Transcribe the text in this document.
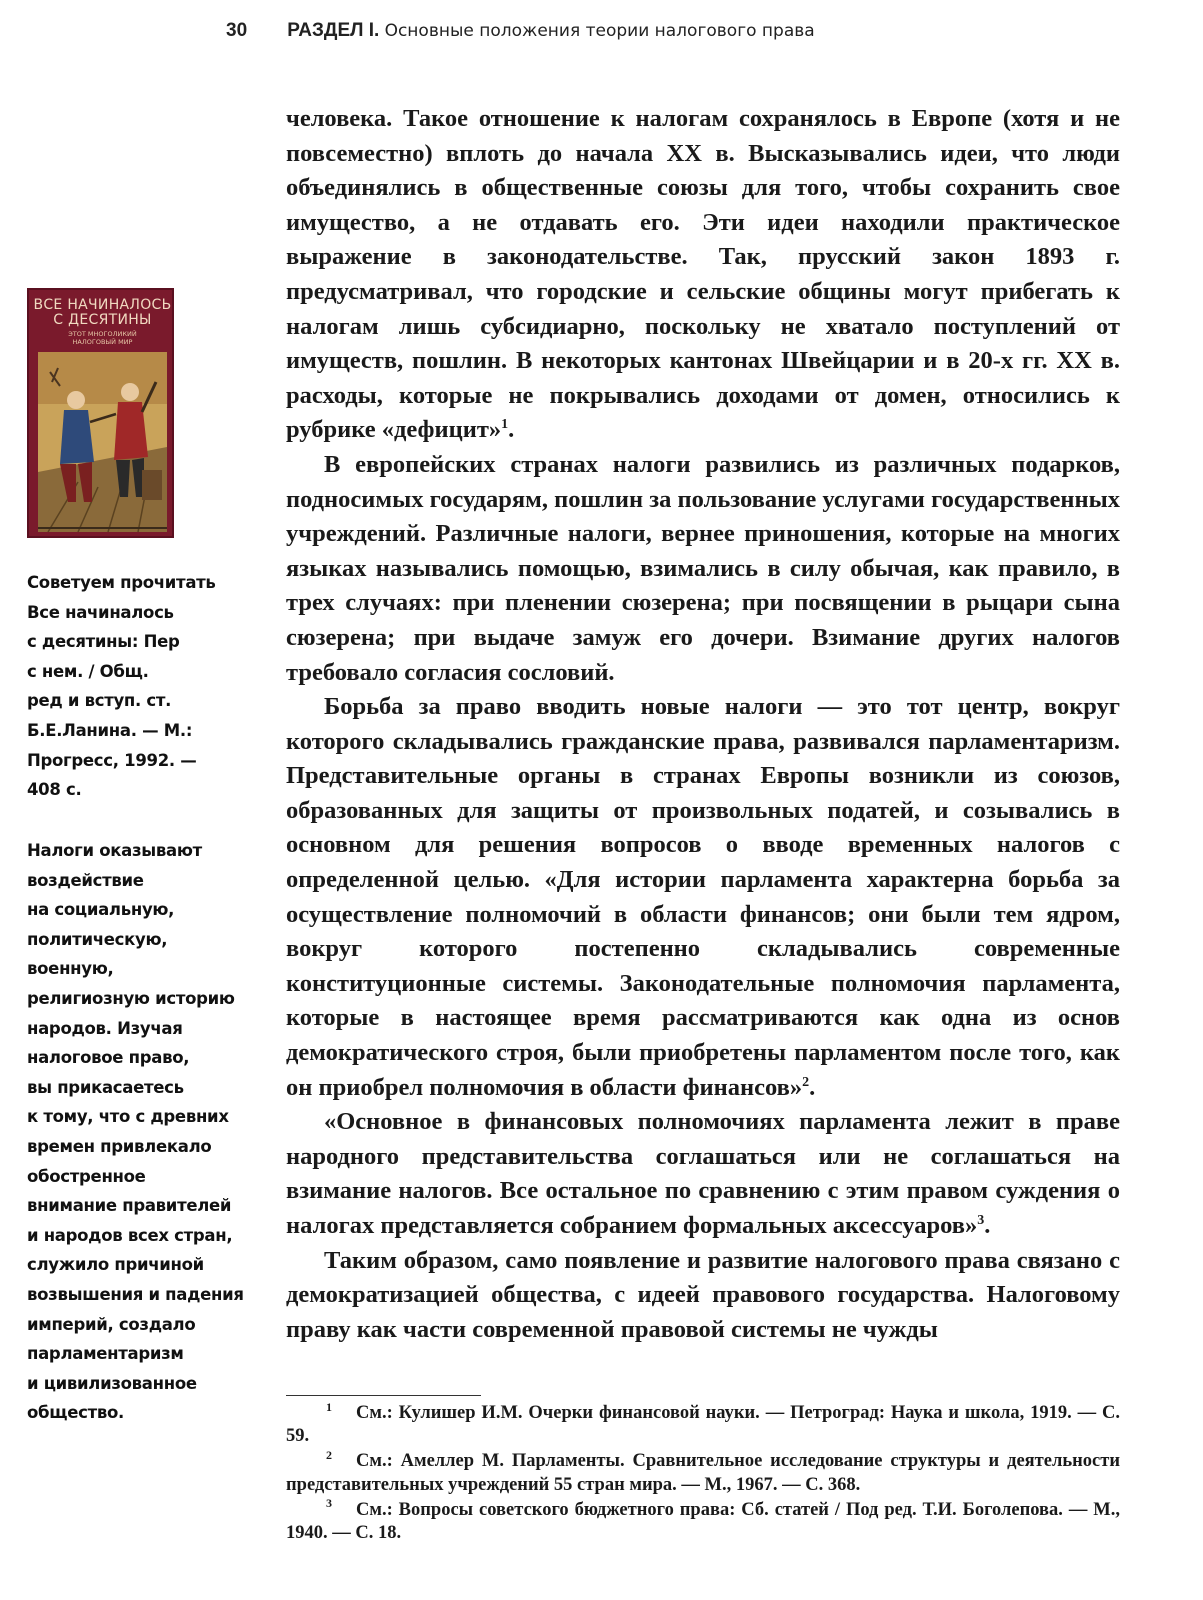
30 РАЗДЕЛ I. Основные положения теории налогового права
ВСЕ НАЧИНАЛОСЬ
С ДЕСЯТИНЫ
ЭТОТ МНОГОЛИКИЙ
НАЛОГОВЫЙ МИР
Советуем прочитать
Все начиналось
с десятины: Пер
с нем. / Общ.
ред и вступ. ст.
Б.Е.Ланина. — М.:
Прогресс, 1992. —
408 с.
Налоги оказывают
воздействие
на социальную,
политическую,
военную,
религиозную историю
народов. Изучая
налоговое право,
вы прикасаетесь
к тому, что с древних
времен привлекало
обостренное
внимание правителей
и народов всех стран,
служило причиной
возвышения и падения
империй, создало
парламентаризм
и цивилизованное
общество.

человека. Такое отношение к налогам сохранялось в Европе (хотя и не повсеместно) вплоть до начала XX в. Высказывались идеи, что люди объединялись в общественные союзы для того, чтобы сохранить свое имущество, а не отдавать его. Эти идеи находили практическое выражение в законодательстве. Так, прусский закон 1893 г. предусматривал, что городские и сельские общины могут прибегать к налогам лишь субсидиарно, поскольку не хватало поступлений от имуществ, пошлин. В некоторых кантонах Швейцарии и в 20-х гг. XX в. расходы, которые не покрывались доходами от домен, относились к рубрике «дефицит»$^1$.

В европейских странах налоги развились из различных подарков, подносимых государям, пошлин за пользование услугами государственных учреждений. Различные налоги, вернее приношения, которые на многих языках назывались помощью, взимались в силу обычая, как правило, в трех случаях: при пленении сюзерена; при посвящении в рыцари сына сюзерена; при выдаче замуж его дочери. Взимание других налогов требовало согласия сословий.

Борьба за право вводить новые налоги — это тот центр, вокруг которого складывались гражданские права, развивался парламентаризм. Представительные органы в странах Европы возникли из союзов, образованных для защиты от произвольных податей, и созывались в основном для решения вопросов о вводе временных налогов с определенной целью. «Для истории парламента характерна борьба за осуществление полномочий в области финансов; они были тем ядром, вокруг которого постепенно складывались современные конституционные системы. Законодательные полномочия парламента, которые в настоящее время рассматриваются как одна из основ демократического строя, были приобретены парламентом после того, как он приобрел полномочия в области финансов»$^2$.

«Основное в финансовых полномочиях парламента лежит в праве народного представительства соглашаться или не соглашаться на взимание налогов. Все остальное по сравнению с этим правом суждения о налогах представляется собранием формальных аксессуаров»$^3$.

Таким образом, само появление и развитие налогового права связано с демократизацией общества, с идеей правового государства. Налоговому праву как части современной правовой системы не чужды

1 См.: Кулишер И.М. Очерки финансовой науки. — Петроград: Наука и школа, 1919. — С. 59.

2 См.: Амеллер М. Парламенты. Сравнительное исследование структуры и деятельности представительных учреждений 55 стран мира. — М., 1967. — С. 368.

3 См.: Вопросы советского бюджетного права: Сб. статей / Под ред. Т.И. Боголепова. — М., 1940. — С. 18.
